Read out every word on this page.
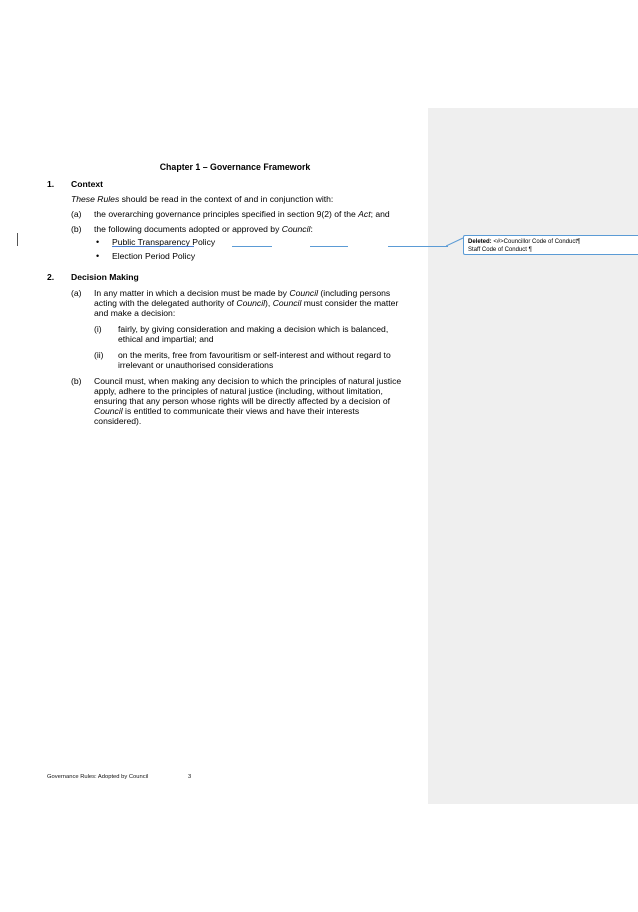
Chapter 1 – Governance Framework
1. Context
These Rules should be read in the context of and in conjunction with:
(a) the overarching governance principles specified in section 9(2) of the Act; and
(b) the following documents adopted or approved by Council:
• Public Transparency Policy
• Election Period Policy
2. Decision Making
(a) In any matter in which a decision must be made by Council (including persons
acting with the delegated authority of Council), Council must consider the matter
and make a decision:
(i) fairly, by giving consideration and making a decision which is balanced,
ethical and impartial; and
(ii) on the merits, free from favouritism or self-interest and without regard to
irrelevant or unauthorised considerations
(b) Council must, when making any decision to which the principles of natural justice
apply, adhere to the principles of natural justice (including, without limitation,
ensuring that any person whose rights will be directly affected by a decision of
Council is entitled to communicate their views and have their interests
considered).
Governance Rules: Adopted by Council	3
Deleted: <#>Councillor Code of Conduct¶
Staff Code of Conduct ¶
